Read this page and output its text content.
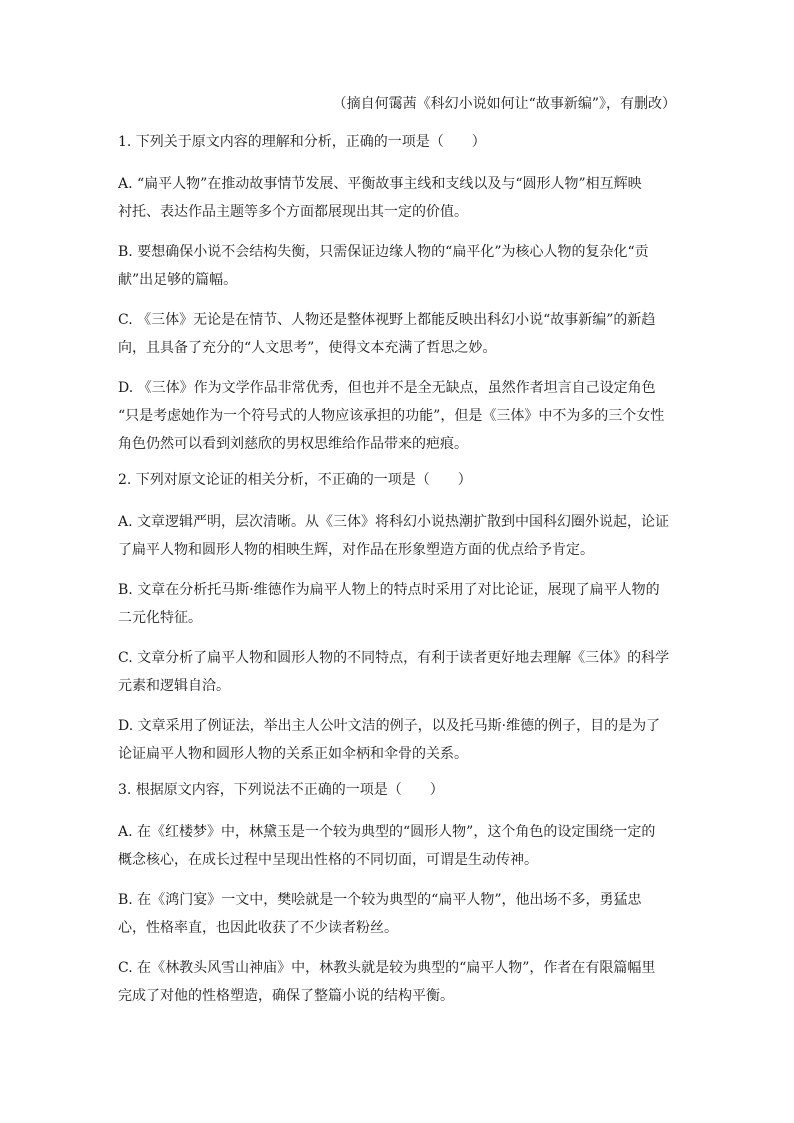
（摘自何霭茜《科幻小说如何让“故事新编”》，有删改）

1. 下列关于原文内容的理解和分析，正确的一项是（　　）

A. “扁平人物”在推动故事情节发展、平衡故事主线和支线以及与“圆形人物”相互辉映
衬托、表达作品主题等多个方面都展现出其一定的价值。

B. 要想确保小说不会结构失衡，只需保证边缘人物的“扁平化”为核心人物的复杂化“贡
献”出足够的篇幅。

C. 《三体》无论是在情节、人物还是整体视野上都能反映出科幻小说“故事新编”的新趋
向，且具备了充分的“人文思考”，使得文本充满了哲思之妙。

D. 《三体》作为文学作品非常优秀，但也并不是全无缺点，虽然作者坦言自己设定角色
“只是考虑她作为一个符号式的人物应该承担的功能”，但是《三体》中不为多的三个女性
角色仍然可以看到刘慈欣的男权思维给作品带来的疤痕。

2. 下列对原文论证的相关分析，不正确的一项是（　　）

A. 文章逻辑严明，层次清晰。从《三体》将科幻小说热潮扩散到中国科幻圈外说起，论证
了扁平人物和圆形人物的相映生辉，对作品在形象塑造方面的优点给予肯定。

B. 文章在分析托马斯·维德作为扁平人物上的特点时采用了对比论证，展现了扁平人物的
二元化特征。

C. 文章分析了扁平人物和圆形人物的不同特点，有利于读者更好地去理解《三体》的科学
元素和逻辑自洽。

D. 文章采用了例证法，举出主人公叶文洁的例子，以及托马斯·维德的例子，目的是为了
论证扁平人物和圆形人物的关系正如伞柄和伞骨的关系。

3. 根据原文内容，下列说法不正确的一项是（　　）

A. 在《红楼梦》中，林黛玉是一个较为典型的“圆形人物”，这个角色的设定围绕一定的
概念核心，在成长过程中呈现出性格的不同切面，可谓是生动传神。

B. 在《鸿门宴》一文中，樊哙就是一个较为典型的“扁平人物”，他出场不多，勇猛忠
心，性格率直，也因此收获了不少读者粉丝。

C. 在《林教头风雪山神庙》中，林教头就是较为典型的“扁平人物”，作者在有限篇幅里
完成了对他的性格塑造，确保了整篇小说的结构平衡。
